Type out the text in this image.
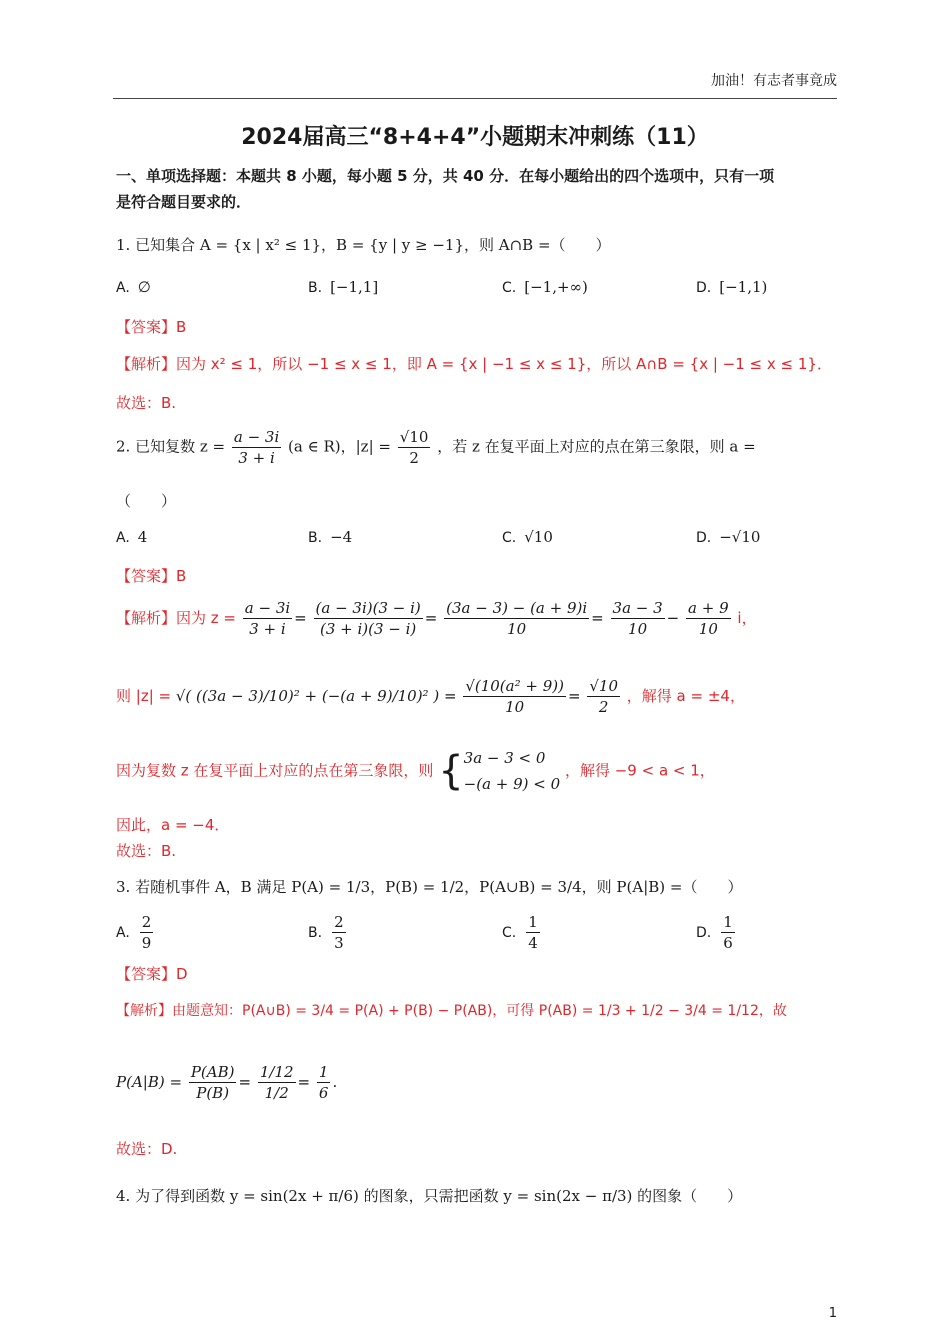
加油！有志者事竟成
2024届高三“8+4+4”小题期末冲刺练（11）
一、单项选择题：本题共 8 小题，每小题 5 分，共 40 分．在每小题给出的四个选项中，只有一项
是符合题目要求的．
1. 已知集合 A = {x | x² ≤ 1}，B = {y | y ≥ −1}，则 A∩B =（　　）
A. ∅	B. [−1,1]	C. [−1,+∞)	D. [−1,1)
【答案】B
【解析】因为 x² ≤ 1，所以 −1 ≤ x ≤ 1，即 A = {x | −1 ≤ x ≤ 1}，所以 A∩B = {x | −1 ≤ x ≤ 1}．
故选：B.
2. 已知复数 $z = \frac{a - 3i}{3 + i} (a$ ∈ R)，$|z| = \frac{√10}{2}$ ，若 z 在复平面上对应的点在第三象限，则 a =
（　　）
A. 4	B. −4	C. √10	D. −√10
【答案】B
【解析】因为 $z = \frac{a - 3i}{3 + i} = \frac{(a - 3i)(3 - i)}{(3 + i)(3 - i)} = \frac{(3a - 3) - (a + 9)i}{10} = \frac{3a - 3}{10} - \frac{a + 9}{10}$ i，
则 |z| = √( ((3a − 3)/10)² + (−(a + 9)/10)² ) = $\frac{\text{√(10(a² + 9))}}{10} = \frac{√10}{2}$ ，解得 a = ±4，
因为复数 z 在复平面上对应的点在第三象限，则 { 3a − 3 < 0
−(a + 9) < 0
，解得 −9 < a < 1，
因此，a = −4．
故选：B.
3. 若随机事件 A，B 满足 P(A) = 1/3，P(B) = 1/2，P(A∪B) = 3/4，则 P(A|B) =（　　）
A. $\frac{2}{9}$	B. $\frac{2}{3}$	C. $\frac{1}{4}$	D. $\frac{1}{6}$
【答案】D
【解析】由题意知：P(A∪B) = 3/4 = P(A) + P(B) − P(AB)，可得 P(AB) = 1/3 + 1/2 − 3/4 = 1/12，故
$P(A|B) = \frac{P(AB)}{P(B)} = \frac{1/12}{1/2} = \frac{1}{6}$ .
故选：D.
4. 为了得到函数 y = sin(2x + π/6) 的图象，只需把函数 y = sin(2x − π/3) 的图象（　　）
1
